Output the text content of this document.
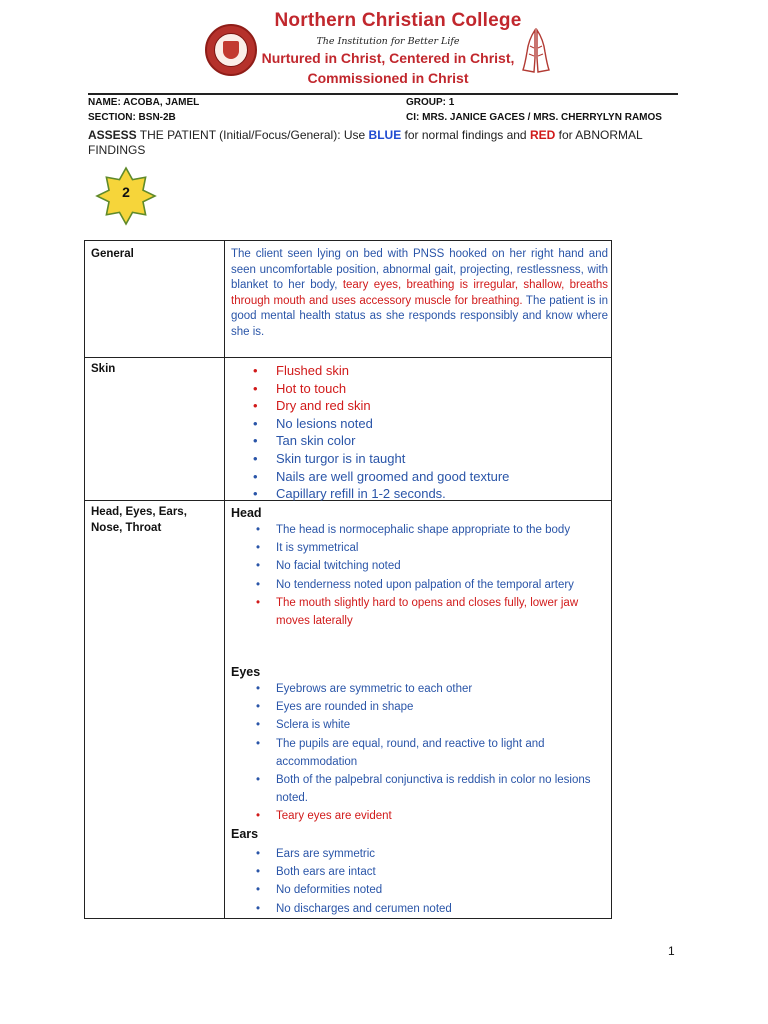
Northern Christian College
The Institution for Better Life
Nurtured in Christ, Centered in Christ,
Commissioned in Christ
NAME: ACOBA, JAMEL	GROUP: 1
SECTION: BSN-2B	CI: MRS. JANICE GACES / MRS. CHERRYLYN RAMOS
ASSESS THE PATIENT (Initial/Focus/General): Use BLUE for normal findings and RED for ABNORMAL FINDINGS
2
General	The client seen lying on bed with PNSS hooked on her right hand and seen uncomfortable position, abnormal gait, projecting, restlessness, with blanket to her body, teary eyes, breathing is irregular, shallow, breaths through mouth and uses accessory muscle for breathing. The patient is in good mental health status as she responds responsibly and know where she is.
Skin
•	Flushed skin
• Hot to touch
• Dry and red skin
• No lesions noted
• Tan skin color
• Skin turgor is in taught
• Nails are well groomed and good texture
• Capillary refill in 1-2 seconds.
Head, Eyes, Ears, Nose, Throat
Head
• The head is normocephalic shape appropriate to the body
• It is symmetrical
• No facial twitching noted
• No tenderness noted upon palpation of the temporal artery
• The mouth slightly hard to opens and closes fully, lower jaw moves laterally
Eyes
• Eyebrows are symmetric to each other
• Eyes are rounded in shape
• Sclera is white
• The pupils are equal, round, and reactive to light and accommodation
• Both of the palpebral conjunctiva is reddish in color no lesions noted.
• Teary eyes are evident
Ears
• Ears are symmetric
• Both ears are intact
• No deformities noted
• No discharges and cerumen noted
1
